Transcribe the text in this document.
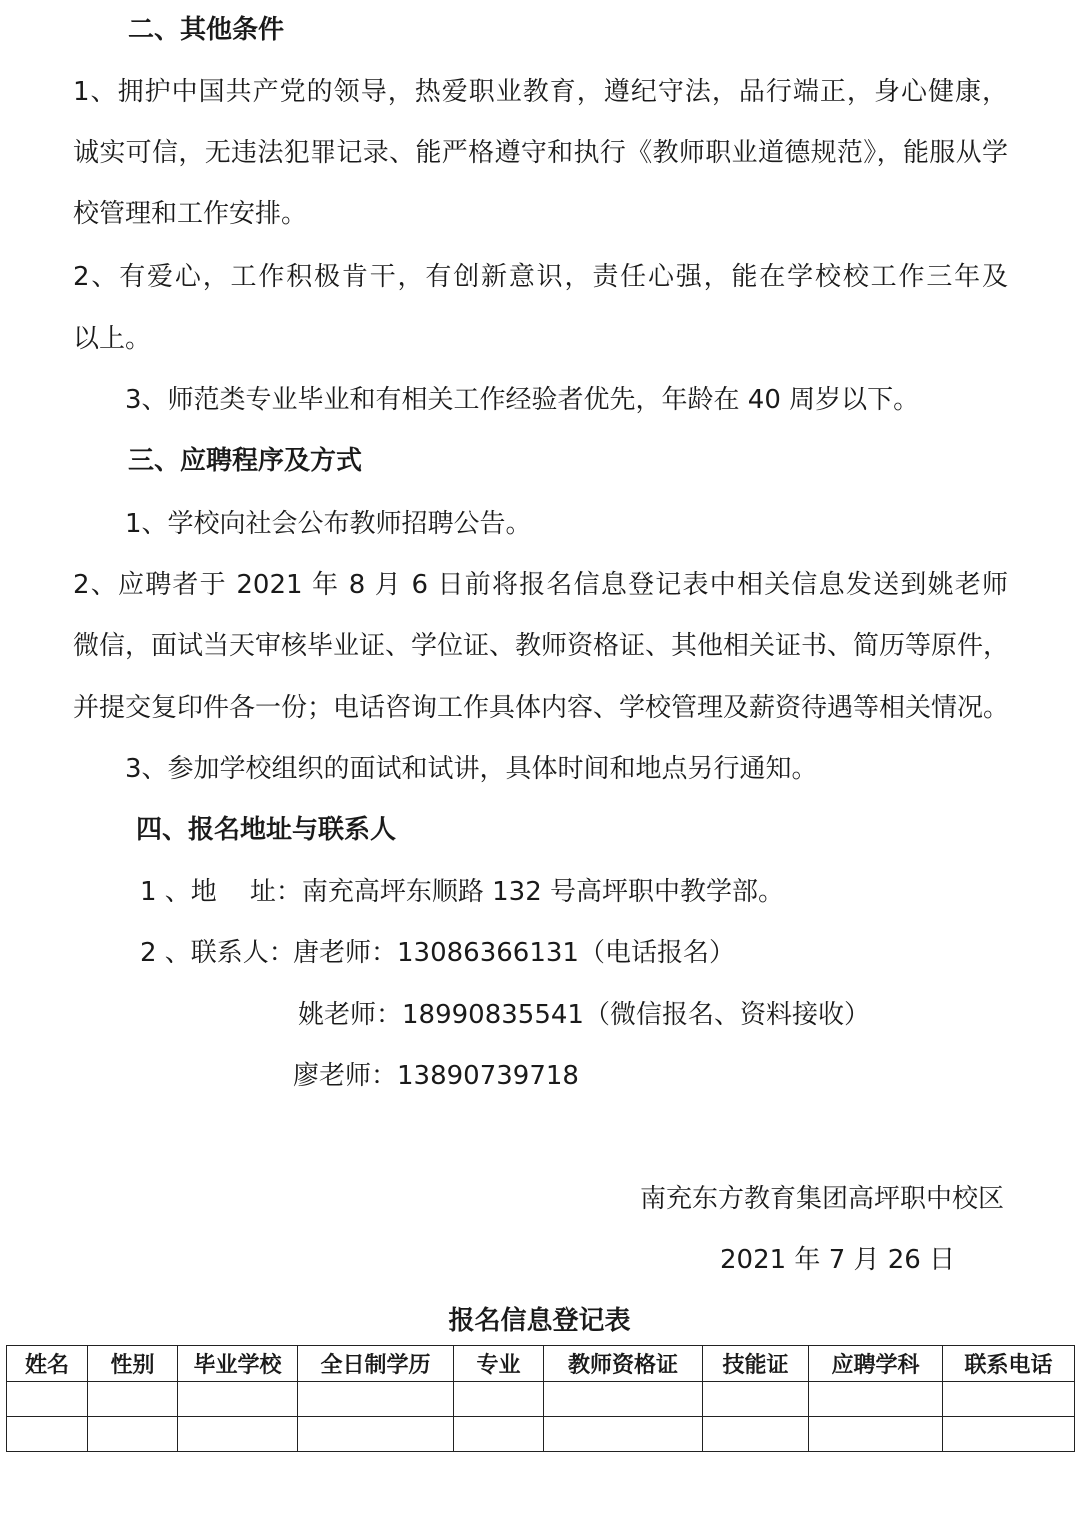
二、其他条件
1、拥护中国共产党的领导，热爱职业教育，遵纪守法，品行端正，身心健康，
诚实可信，无违法犯罪记录、能严格遵守和执行《教师职业道德规范》，能服从学
校管理和工作安排。
2、有爱心，工作积极肯干，有创新意识，责任心强，能在学校校工作三年及
以上。
3、师范类专业毕业和有相关工作经验者优先，年龄在 40 周岁以下。
三、应聘程序及方式
1、学校向社会公布教师招聘公告。
2、应聘者于 2021 年 8 月 6 日前将报名信息登记表中相关信息发送到姚老师
微信，面试当天审核毕业证、学位证、教师资格证、其他相关证书、简历等原件，
并提交复印件各一份；电话咨询工作具体内容、学校管理及薪资待遇等相关情况。
3、参加学校组织的面试和试讲，具体时间和地点另行通知。
四、报名地址与联系人
1 、地    址：南充高坪东顺路 132 号高坪职中教学部。
2 、联系人：
唐老师：13086366131（电话报名）
姚老师：18990835541（微信报名、资料接收）
廖老师：13890739718
南充东方教育集团高坪职中校区
2021 年 7 月 26 日
报名信息登记表
姓名	性别	毕业学校	全日制学历	专业	教师资格证	技能证	应聘学科	联系电话
